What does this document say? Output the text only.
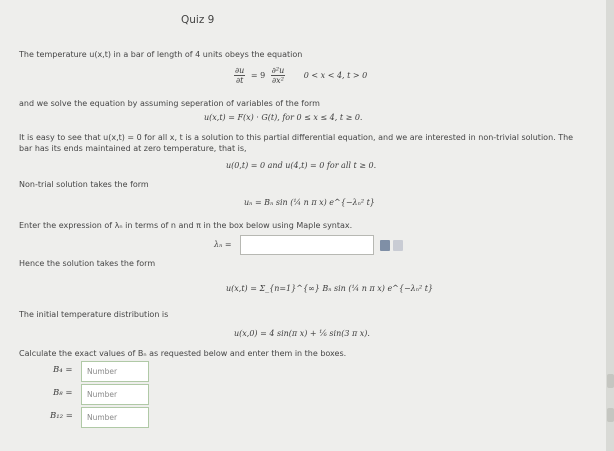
Quiz 9
The temperature u(x,t) in a bar of length of 4 units obeys the equation
$\frac{\partial u}{\partial t} = 9 \frac{\text{∂²u}}{\text{∂x²}} 0 < x < 4$, t > 0
and we solve the equation by assuming seperation of variables of the form
u(x,t) = F(x) · G(t), for 0 ≤ x ≤ 4, t ≥ 0.
It is easy to see that u(x,t) = 0 for all x, t is a solution to this partial differential equation, and we are interested in non-trivial solution. The
bar has its ends maintained at zero temperature, that is,
u(0,t) = 0 and u(4,t) = 0 for all t ≥ 0.
Non-trial solution takes the form
uₙ = Bₙ sin (¼ n π x) e^{−λₙ² t}
Enter the expression of λₙ in terms of n and π in the box below using Maple syntax.
λₙ =
Hence the solution takes the form
u(x,t) = Σ_{n=1}^{∞} Bₙ sin (¼ n π x) e^{−λₙ² t}
The initial temperature distribution is
u(x,0) = 4 sin(π x) + ⅙ sin(3 π x).
Calculate the exact values of Bₙ as requested below and enter them in the boxes.
B₄ =	Number
B₈ =	Number
B₁₂ =	Number
